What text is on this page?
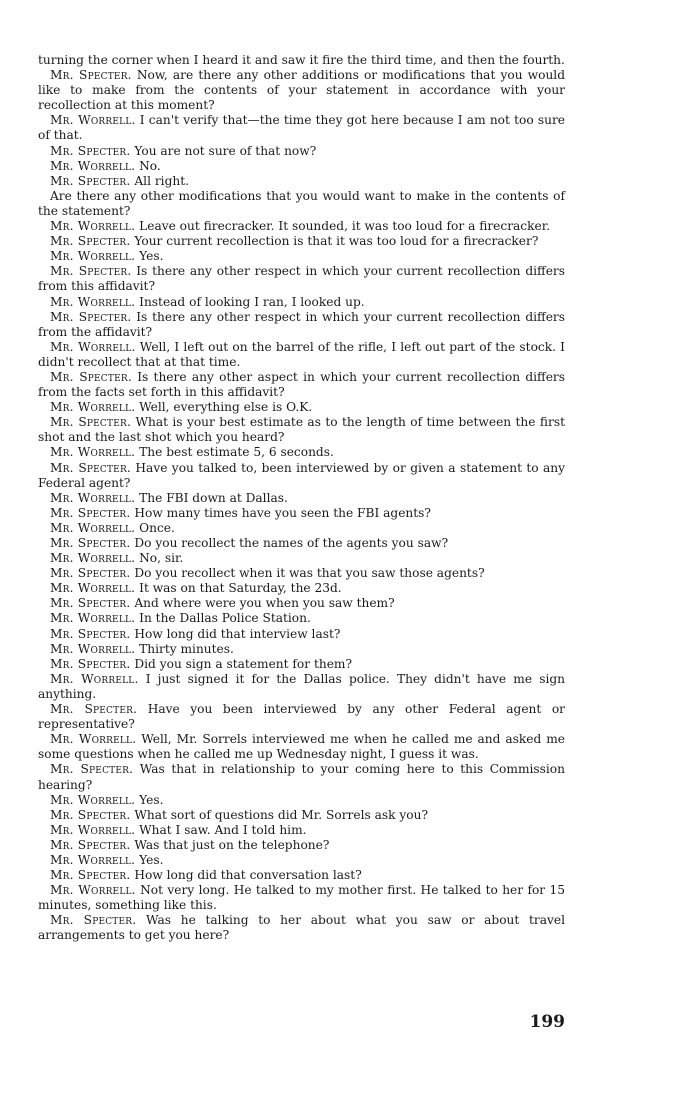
turning the corner when I heard it and saw it fire the third time, and then the fourth.

Mr. Specter. Now, are there any other additions or modifications that you would like to make from the contents of your statement in accordance with your recollection at this moment?

Mr. Worrell. I can't verify that—the time they got here because I am not too sure of that.

Mr. Specter. You are not sure of that now?

Mr. Worrell. No.

Mr. Specter. All right.

Are there any other modifications that you would want to make in the contents of the statement?

Mr. Worrell. Leave out firecracker. It sounded, it was too loud for a firecracker.

Mr. Specter. Your current recollection is that it was too loud for a firecracker?

Mr. Worrell. Yes.

Mr. Specter. Is there any other respect in which your current recollection differs from this affidavit?

Mr. Worrell. Instead of looking I ran, I looked up.

Mr. Specter. Is there any other respect in which your current recollection differs from the affidavit?

Mr. Worrell. Well, I left out on the barrel of the rifle, I left out part of the stock. I didn't recollect that at that time.

Mr. Specter. Is there any other aspect in which your current recollection differs from the facts set forth in this affidavit?

Mr. Worrell. Well, everything else is O.K.

Mr. Specter. What is your best estimate as to the length of time between the first shot and the last shot which you heard?

Mr. Worrell. The best estimate 5, 6 seconds.

Mr. Specter. Have you talked to, been interviewed by or given a statement to any Federal agent?

Mr. Worrell. The FBI down at Dallas.

Mr. Specter. How many times have you seen the FBI agents?

Mr. Worrell. Once.

Mr. Specter. Do you recollect the names of the agents you saw?

Mr. Worrell. No, sir.

Mr. Specter. Do you recollect when it was that you saw those agents?

Mr. Worrell. It was on that Saturday, the 23d.

Mr. Specter. And where were you when you saw them?

Mr. Worrell. In the Dallas Police Station.

Mr. Specter. How long did that interview last?

Mr. Worrell. Thirty minutes.

Mr. Specter. Did you sign a statement for them?

Mr. Worrell. I just signed it for the Dallas police. They didn't have me sign anything.

Mr. Specter. Have you been interviewed by any other Federal agent or representative?

Mr. Worrell. Well, Mr. Sorrels interviewed me when he called me and asked me some questions when he called me up Wednesday night, I guess it was.

Mr. Specter. Was that in relationship to your coming here to this Commission hearing?

Mr. Worrell. Yes.

Mr. Specter. What sort of questions did Mr. Sorrels ask you?

Mr. Worrell. What I saw. And I told him.

Mr. Specter. Was that just on the telephone?

Mr. Worrell. Yes.

Mr. Specter. How long did that conversation last?

Mr. Worrell. Not very long. He talked to my mother first. He talked to her for 15 minutes, something like this.

Mr. Specter. Was he talking to her about what you saw or about travel arrangements to get you here?

199
